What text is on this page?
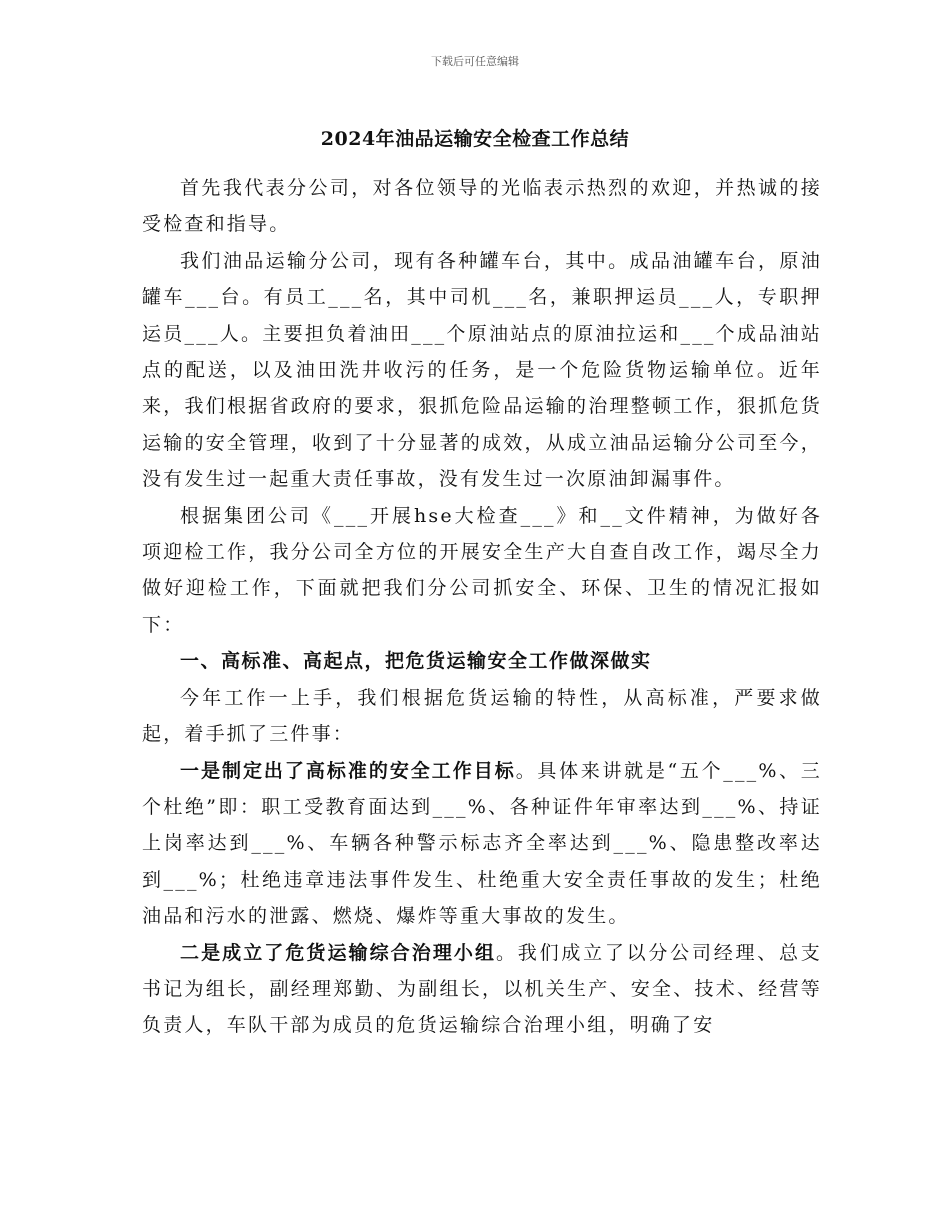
下载后可任意编辑
2024年油品运输安全检查工作总结

首先我代表分公司，对各位领导的光临表示热烈的欢迎，并热诚的接受检查和指导。

我们油品运输分公司，现有各种罐车台，其中。成品油罐车台，原油罐车___台。有员工___名，其中司机___名，兼职押运员___人，专职押运员___人。主要担负着油田___个原油站点的原油拉运和___个成品油站点的配送，以及油田洗井收污的任务，是一个危险货物运输单位。近年来，我们根据省政府的要求，狠抓危险品运输的治理整顿工作，狠抓危货运输的安全管理，收到了十分显著的成效，从成立油品运输分公司至今，没有发生过一起重大责任事故，没有发生过一次原油卸漏事件。

根据集团公司《___开展hse大检查___》和__文件精神，为做好各项迎检工作，我分公司全方位的开展安全生产大自查自改工作，竭尽全力做好迎检工作，下面就把我们分公司抓安全、环保、卫生的情况汇报如下：

一、高标准、高起点，把危货运输安全工作做深做实

今年工作一上手，我们根据危货运输的特性，从高标准，严要求做起，着手抓了三件事：

一是制定出了高标准的安全工作目标。具体来讲就是“五个___%、三个杜绝”即：职工受教育面达到___%、各种证件年审率达到___%、持证上岗率达到___%、车辆各种警示标志齐全率达到___%、隐患整改率达到___%；杜绝违章违法事件发生、杜绝重大安全责任事故的发生；杜绝油品和污水的泄露、燃烧、爆炸等重大事故的发生。

二是成立了危货运输综合治理小组。我们成立了以分公司经理、总支书记为组长，副经理郑勤、为副组长，以机关生产、安全、技术、经营等负责人，车队干部为成员的危货运输综合治理小组，明确了安
